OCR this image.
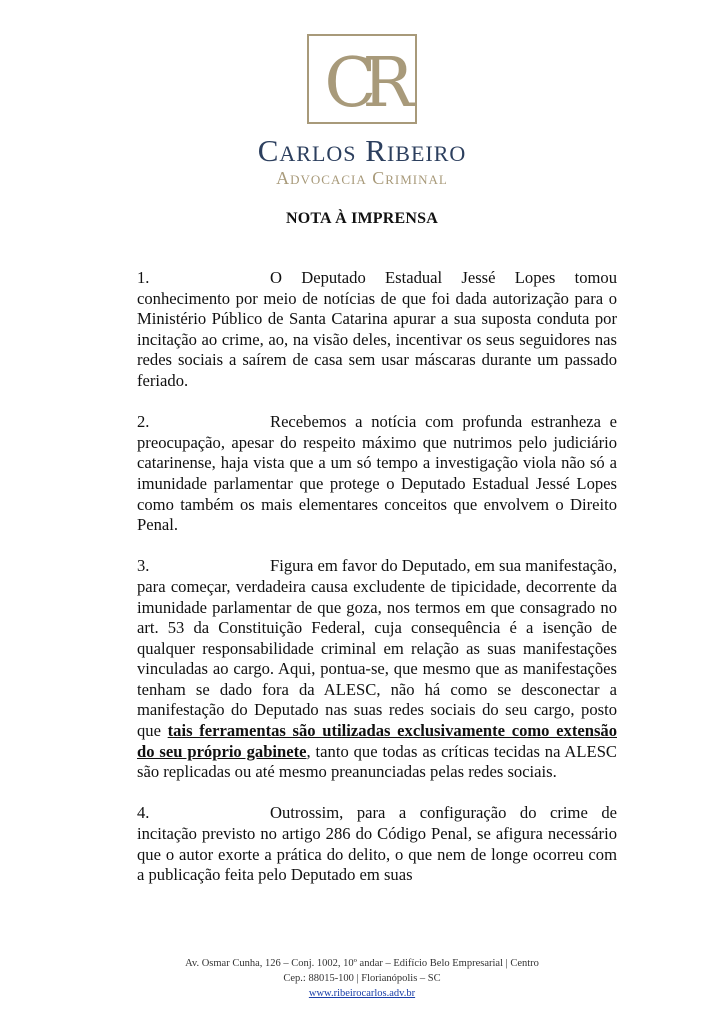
CR
Carlos Ribeiro
Advocacia Criminal
NOTA À IMPRENSA

1.	O Deputado Estadual Jessé Lopes tomou conhecimento por meio de notícias de que foi dada autorização para o Ministério Público de Santa Catarina apurar a sua suposta conduta por incitação ao crime, ao, na visão deles, incentivar os seus seguidores nas redes sociais a saírem de casa sem usar máscaras durante um passado feriado.

2.	Recebemos a notícia com profunda estranheza e preocupação, apesar do respeito máximo que nutrimos pelo judiciário catarinense, haja vista que a um só tempo a investigação viola não só a imunidade parlamentar que protege o Deputado Estadual Jessé Lopes como também os mais elementares conceitos que envolvem o Direito Penal.

3.	Figura em favor do Deputado, em sua manifestação, para começar, verdadeira causa excludente de tipicidade, decorrente da imunidade parlamentar de que goza, nos termos em que consagrado no art. 53 da Constituição Federal, cuja consequência é a isenção de qualquer responsabilidade criminal em relação as suas manifestações vinculadas ao cargo. Aqui, pontua-se, que mesmo que as manifestações tenham se dado fora da ALESC, não há como se desconectar a manifestação do Deputado nas suas redes sociais do seu cargo, posto que tais ferramentas são utilizadas exclusivamente como extensão do seu próprio gabinete, tanto que todas as críticas tecidas na ALESC são replicadas ou até mesmo preanunciadas pelas redes sociais.

4.	Outrossim, para a configuração do crime de incitação previsto no artigo 286 do Código Penal, se afigura necessário que o autor exorte a prática do delito, o que nem de longe ocorreu com a publicação feita pelo Deputado em suas

Av. Osmar Cunha, 126 – Conj. 1002, 10º andar – Edifício Belo Empresarial | Centro
Cep.: 88015-100 | Florianópolis – SC
www.ribeirocarlos.adv.br
